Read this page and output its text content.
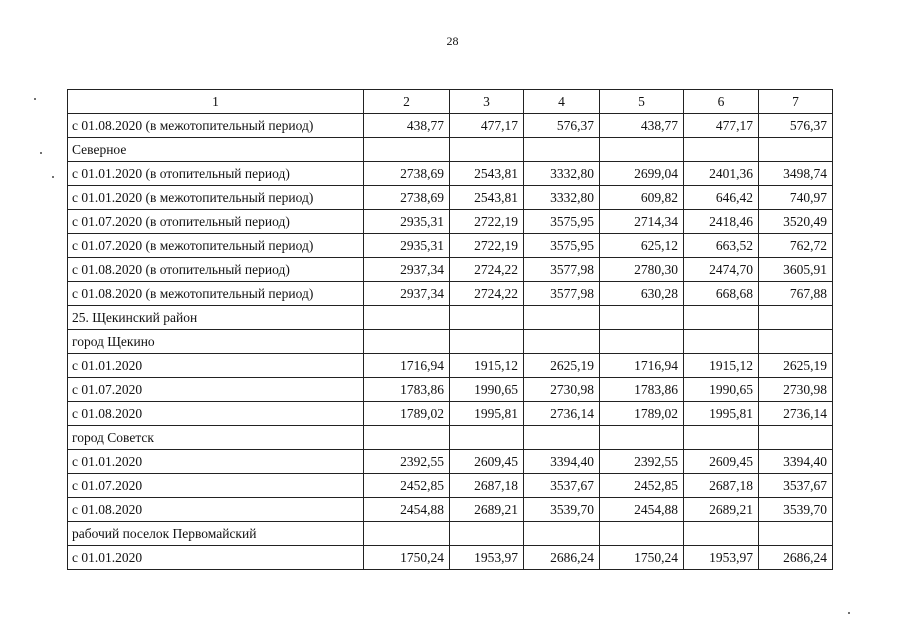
28
1	2	3	4	5	6	7
с 01.08.2020 (в межотопительный период)	438,77	477,17	576,37	438,77	477,17	576,37
Северное						
с 01.01.2020 (в отопительный период)	2738,69	2543,81	3332,80	2699,04	2401,36	3498,74
с 01.01.2020 (в межотопительный период)	2738,69	2543,81	3332,80	609,82	646,42	740,97
с 01.07.2020 (в отопительный период)	2935,31	2722,19	3575,95	2714,34	2418,46	3520,49
с 01.07.2020 (в межотопительный период)	2935,31	2722,19	3575,95	625,12	663,52	762,72
с 01.08.2020 (в отопительный период)	2937,34	2724,22	3577,98	2780,30	2474,70	3605,91
с 01.08.2020 (в межотопительный период)	2937,34	2724,22	3577,98	630,28	668,68	767,88
25. Щекинский район						
город Щекино						
с 01.01.2020	1716,94	1915,12	2625,19	1716,94	1915,12	2625,19
с 01.07.2020	1783,86	1990,65	2730,98	1783,86	1990,65	2730,98
с 01.08.2020	1789,02	1995,81	2736,14	1789,02	1995,81	2736,14
город Советск						
с 01.01.2020	2392,55	2609,45	3394,40	2392,55	2609,45	3394,40
с 01.07.2020	2452,85	2687,18	3537,67	2452,85	2687,18	3537,67
с 01.08.2020	2454,88	2689,21	3539,70	2454,88	2689,21	3539,70
рабочий поселок Первомайский						
с 01.01.2020	1750,24	1953,97	2686,24	1750,24	1953,97	2686,24
